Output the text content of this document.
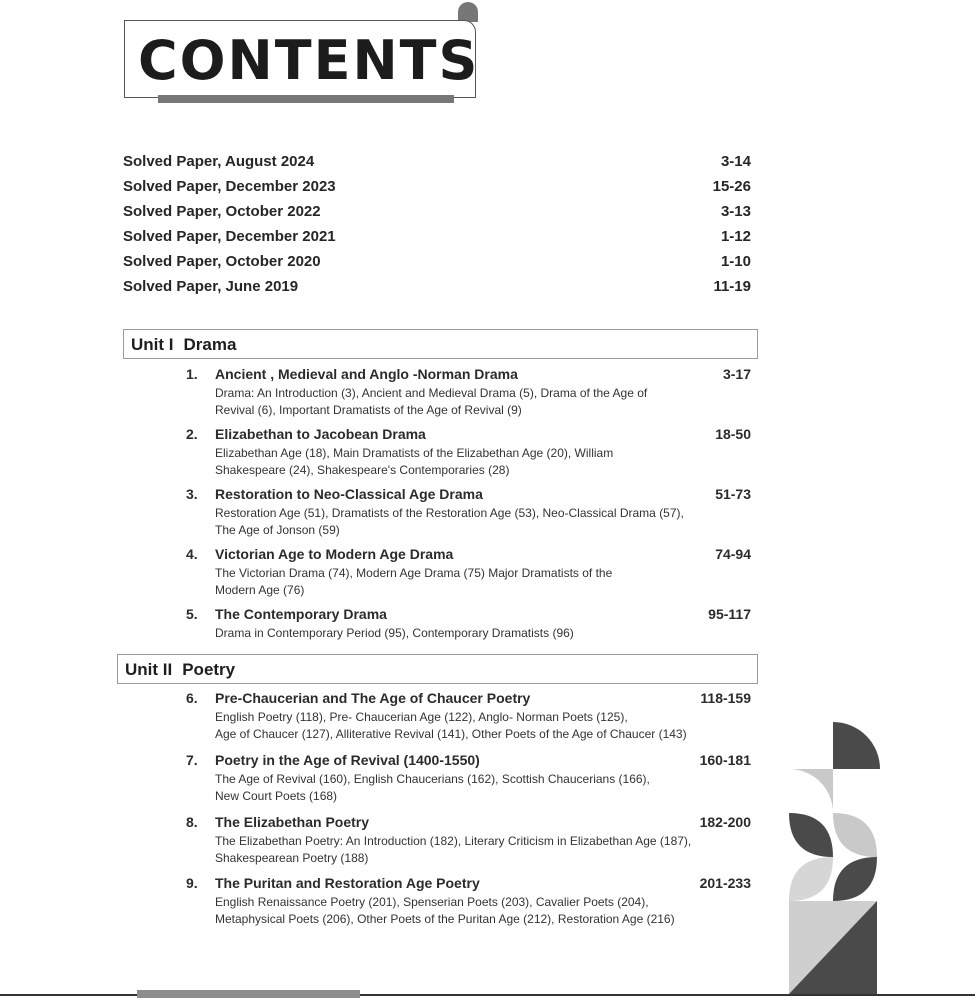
CONTENTS
Solved Paper, August 2024	3-14
Solved Paper, December 2023	15-26
Solved Paper, October 2022	3-13
Solved Paper, December 2021	1-12
Solved Paper, October 2020	1-10
Solved Paper, June 2019	11-19
Unit I Drama
1. Ancient , Medieval and Anglo -Norman Drama	3-17
Drama: An Introduction (3), Ancient and Medieval Drama (5), Drama of the Age of
Revival (6), Important Dramatists of the Age of Revival (9)
2. Elizabethan to Jacobean Drama	18-50
Elizabethan Age (18), Main Dramatists of the Elizabethan Age (20), William
Shakespeare (24), Shakespeare's Contemporaries (28)
3. Restoration to Neo-Classical Age Drama	51-73
Restoration Age (51), Dramatists of the Restoration Age (53), Neo-Classical Drama (57),
The Age of Jonson (59)
4. Victorian Age to Modern Age Drama	74-94
The Victorian Drama (74), Modern Age Drama (75) Major Dramatists of the
Modern Age (76)
5. The Contemporary Drama	95-117
Drama in Contemporary Period (95), Contemporary Dramatists (96)
Unit II Poetry
6. Pre-Chaucerian and The Age of Chaucer Poetry	118-159
English Poetry (118), Pre- Chaucerian Age (122), Anglo- Norman Poets (125),
Age of Chaucer (127), Alliterative Revival (141), Other Poets of the Age of Chaucer (143)
7. Poetry in the Age of Revival (1400-1550)	160-181
The Age of Revival (160), English Chaucerians (162), Scottish Chaucerians (166),
New Court Poets (168)
8. The Elizabethan Poetry	182-200
The Elizabethan Poetry: An Introduction (182), Literary Criticism in Elizabethan Age (187),
Shakespearean Poetry (188)
9. The Puritan and Restoration Age Poetry	201-233
English Renaissance Poetry (201), Spenserian Poets (203), Cavalier Poets (204),
Metaphysical Poets (206), Other Poets of the Puritan Age (212), Restoration Age (216)
